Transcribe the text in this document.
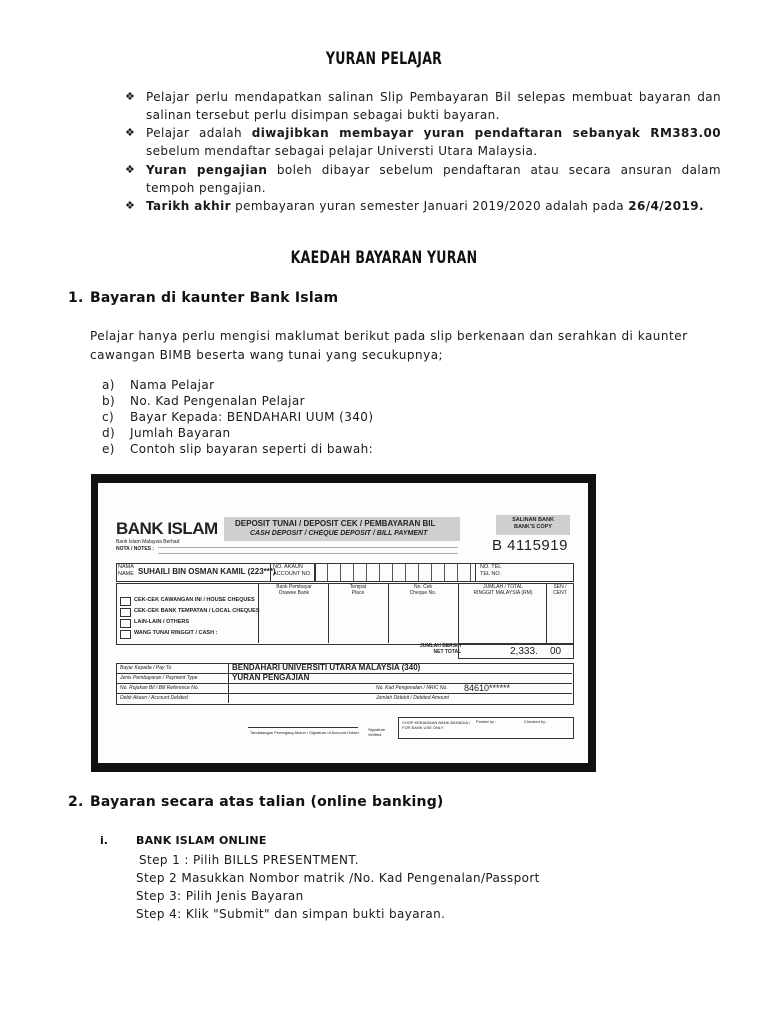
YURAN PELAJAR
❖ Pelajar perlu mendapatkan salinan Slip Pembayaran Bil selepas membuat bayaran dan salinan tersebut perlu disimpan sebagai bukti bayaran.
❖ Pelajar adalah diwajibkan membayar yuran pendaftaran sebanyak RM383.00 sebelum mendaftar sebagai pelajar Universti Utara Malaysia.
❖ Yuran pengajian boleh dibayar sebelum pendaftaran atau secara ansuran dalam tempoh pengajian.
❖ Tarikh akhir pembayaran yuran semester Januari 2019/2020 adalah pada 26/4/2019.
KAEDAH BAYARAN YURAN
1. Bayaran di kaunter Bank Islam
Pelajar hanya perlu mengisi maklumat berikut pada slip berkenaan dan serahkan di kaunter cawangan BIMB beserta wang tunai yang secukupnya;
a) Nama Pelajar
b) No. Kad Pengenalan Pelajar
c) Bayar Kepada: BENDAHARI UUM (340)
d) Jumlah Bayaran
e) Contoh slip bayaran seperti di bawah:
BANK ISLAM
Bank Islam Malaysia Berhad
NOTA / NOTES :
DEPOSIT TUNAI / DEPOSIT CEK / PEMBAYARAN BIL
CASH DEPOSIT / CHEQUE DEPOSIT / BILL PAYMENT
SALINAN BANK
BANK'S COPY
B 4115919
NAMA
NAME SUHAILI BIN OSMAN KAMIL (223***)
NO. AKAUN
ACCOUNT NO.
NO. TEL
TEL NO.
Bank Pembayar
Drawee Bank
Tempat
Place
No. Cek
Cheque No.
JUMLAH / TOTAL
RINGGIT MALAYSIA (RM)
SEN /
CENT
CEK-CEK CAWANGAN INI / HOUSE CHEQUES
CEK-CEK BANK TEMPATAN / LOCAL CHEQUES
LAIN-LAIN / OTHERS
WANG TUNAI RINGGIT / CASH :
JUMLAH BERSIH
NET TOTAL	2,333. 00
Bayar Kepada / Pay To	BENDAHARI UNIVERSITI UTARA MALAYSIA (340)
Jenis Pembayaran / Payment Type	YURAN PENGAJIAN
No. Rujukan Bil / Bill Reference No.	No. Kad Pengenalan / NRIC No. 84610******
Debit Akaun / Account Debited	Jumlah Didebit / Debited Amount
Tandatangan Pemegang Akaun / Signature of Account Holder
Signature
Verified
CHOP KEBIASAAN BANK BAHAGIA /
FOR BANK USE ONLY
Posted by :	Checked by :
2. Bayaran secara atas talian (online banking)
i.	BANK ISLAM ONLINE
Step 1 : Pilih BILLS PRESENTMENT.
Step 2 Masukkan Nombor matrik /No. Kad Pengenalan/Passport
Step 3: Pilih Jenis Bayaran
Step 4: Klik "Submit" dan simpan bukti bayaran.
